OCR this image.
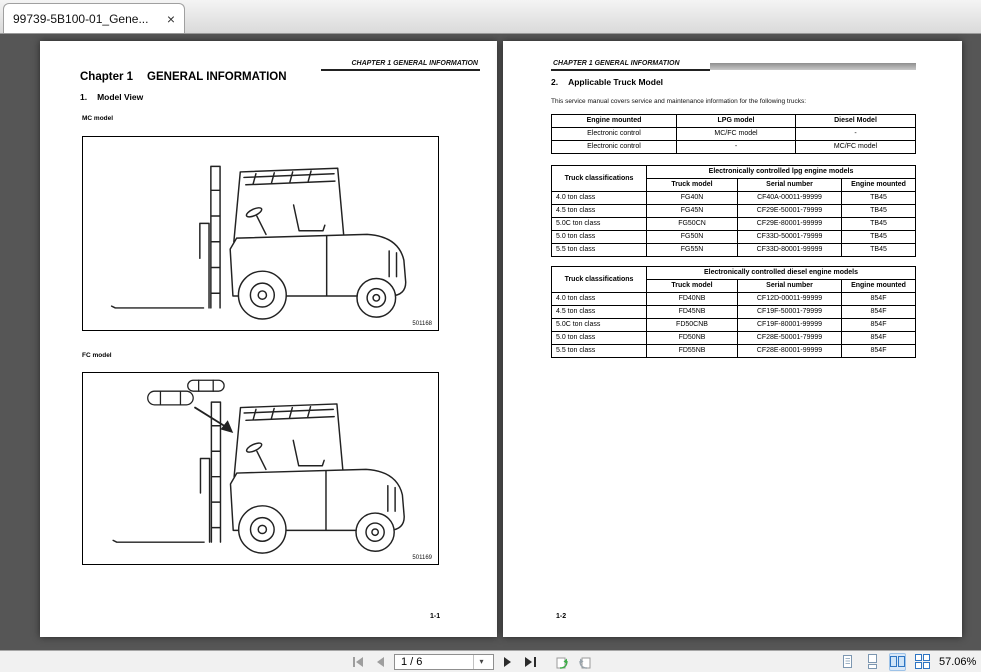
99739-5B100-01_Gene...	×
CHAPTER 1 GENERAL INFORMATION
Chapter 1 GENERAL INFORMATION
1. Model View
MC model
501168
FC model
501169
1-1
CHAPTER 1 GENERAL INFORMATION
2. Applicable Truck Model
This service manual covers service and maintenance information for the following trucks:
Engine mounted	LPG model	Diesel Model
Electronic control	MC/FC model	-
Electronic control	-	MC/FC model
Truck classifications	Electronically controlled lpg engine models		
	Truck model	Serial number	Engine mounted
4.0 ton class	FG40N	CF40A-00011-99999	TB45
4.5 ton class	FG45N	CF29E-50001-79999	TB45
5.0C ton class	FG50CN	CF29E-80001-99999	TB45
5.0 ton class	FG50N	CF33D-50001-79999	TB45
5.5 ton class	FG55N	CF33D-80001-99999	TB45
Truck classifications	Electronically controlled diesel engine models		
	Truck model	Serial number	Engine mounted
4.0 ton class	FD40NB	CF12D-00011-99999	854F
4.5 ton class	FD45NB	CF19F-50001-79999	854F
5.0C ton class	FD50CNB	CF19F-80001-99999	854F
5.0 ton class	FD50NB	CF28E-50001-79999	854F
5.5 ton class	FD55NB	CF28E-80001-99999	854F
1-2
1 / 6
▾	57.06%
